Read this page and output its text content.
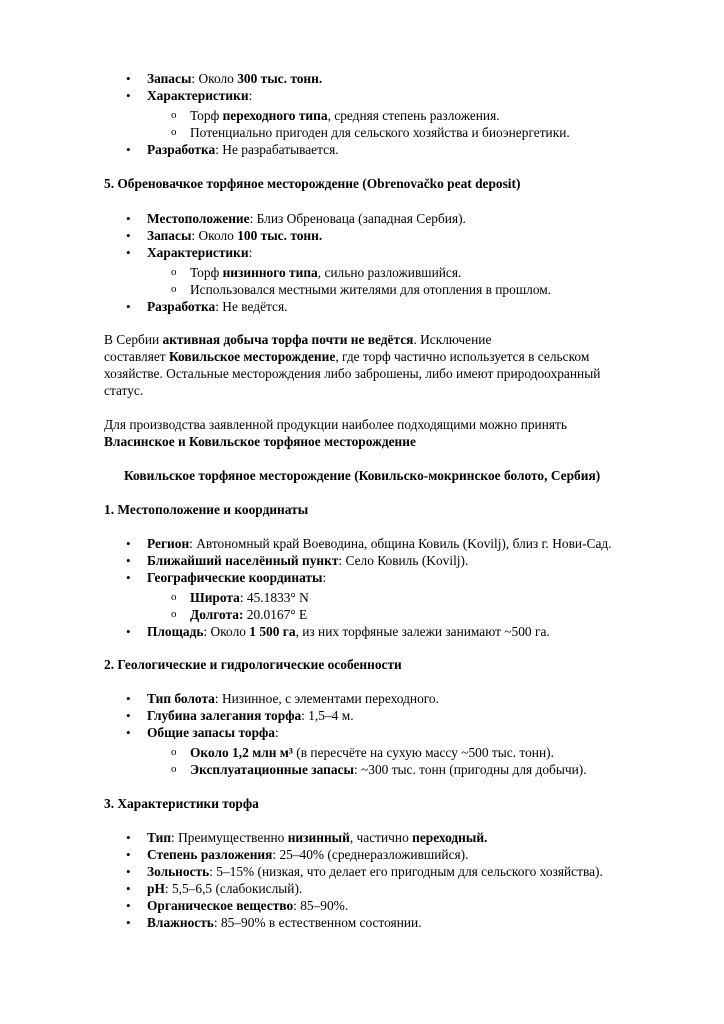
• Запасы: Около 300 тыс. тонн.
• Характеристики:
o Торф переходного типа, средняя степень разложения.
o Потенциально пригоден для сельского хозяйства и биоэнергетики.
• Разработка: Не разрабатывается.
5. Обреновачкое торфяное месторождение (Obrenovačko peat deposit)
• Местоположение: Близ Обреноваца (западная Сербия).
• Запасы: Около 100 тыс. тонн.
• Характеристики:
o Торф низинного типа, сильно разложившийся.
o Использовался местными жителями для отопления в прошлом.
• Разработка: Не ведётся.
В Сербии активная добыча торфа почти не ведётся. Исключение
составляет Ковильское месторождение, где торф частично используется в сельском
хозяйстве. Остальные месторождения либо заброшены, либо имеют природоохранный
статус.
Для производства заявленной продукции наиболее подходящими можно принять
Власинское и Ковильское торфяное месторождение
Ковильское торфяное месторождение (Ковильско-мокринское болото, Сербия)
1. Местоположение и координаты
• Регион: Автономный край Воеводина, община Ковиль (Kovilj), близ г. Нови-Сад.
• Ближайший населённый пункт: Село Ковиль (Kovilj).
• Географические координаты:
o Широта: 45.1833° N
o Долгота: 20.0167° E
• Площадь: Около 1 500 га, из них торфяные залежи занимают ~500 га.
2. Геологические и гидрологические особенности
• Тип болота: Низинное, с элементами переходного.
• Глубина залегания торфа: 1,5–4 м.
• Общие запасы торфа:
o Около 1,2 млн м³ (в пересчёте на сухую массу ~500 тыс. тонн).
o Эксплуатационные запасы: ~300 тыс. тонн (пригодны для добычи).
3. Характеристики торфа
• Тип: Преимущественно низинный, частично переходный.
• Степень разложения: 25–40% (среднеразложившийся).
• Зольность: 5–15% (низкая, что делает его пригодным для сельского хозяйства).
• pH: 5,5–6,5 (слабокислый).
• Органическое вещество: 85–90%.
• Влажность: 85–90% в естественном состоянии.
